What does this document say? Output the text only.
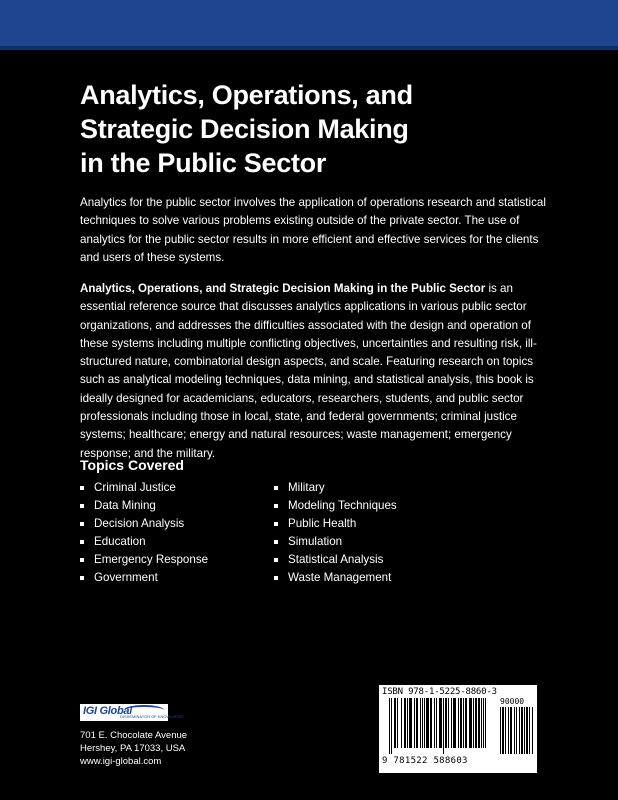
Analytics, Operations, and
Strategic Decision Making
in the Public Sector
Analytics for the public sector involves the application of operations research and statistical techniques to solve various problems existing outside of the private sector. The use of analytics for the public sector results in more efficient and effective services for the clients and users of these systems.
Analytics, Operations, and Strategic Decision Making in the Public Sector is an essential reference source that discusses analytics applications in various public sector organizations, and addresses the difficulties associated with the design and operation of these systems including multiple conflicting objectives, uncertainties and resulting risk, ill-structured nature, combinatorial design aspects, and scale. Featuring research on topics such as analytical modeling techniques, data mining, and statistical analysis, this book is ideally designed for academicians, educators, researchers, students, and public sector professionals including those in local, state, and federal governments; criminal justice systems; healthcare; energy and natural resources; waste management; emergency response; and the military.
Topics Covered
Criminal Justice
Data Mining
Decision Analysis
Education
Emergency Response
Government
Military
Modeling Techniques
Public Health
Simulation
Statistical Analysis
Waste Management
IGI Global
DISSEMINATOR OF KNOWLEDGE
701 E. Chocolate Avenue
Hershey, PA 17033, USA
www.igi-global.com
ISBN 978-1-5225-8860-3
90000
9 781522 588603
